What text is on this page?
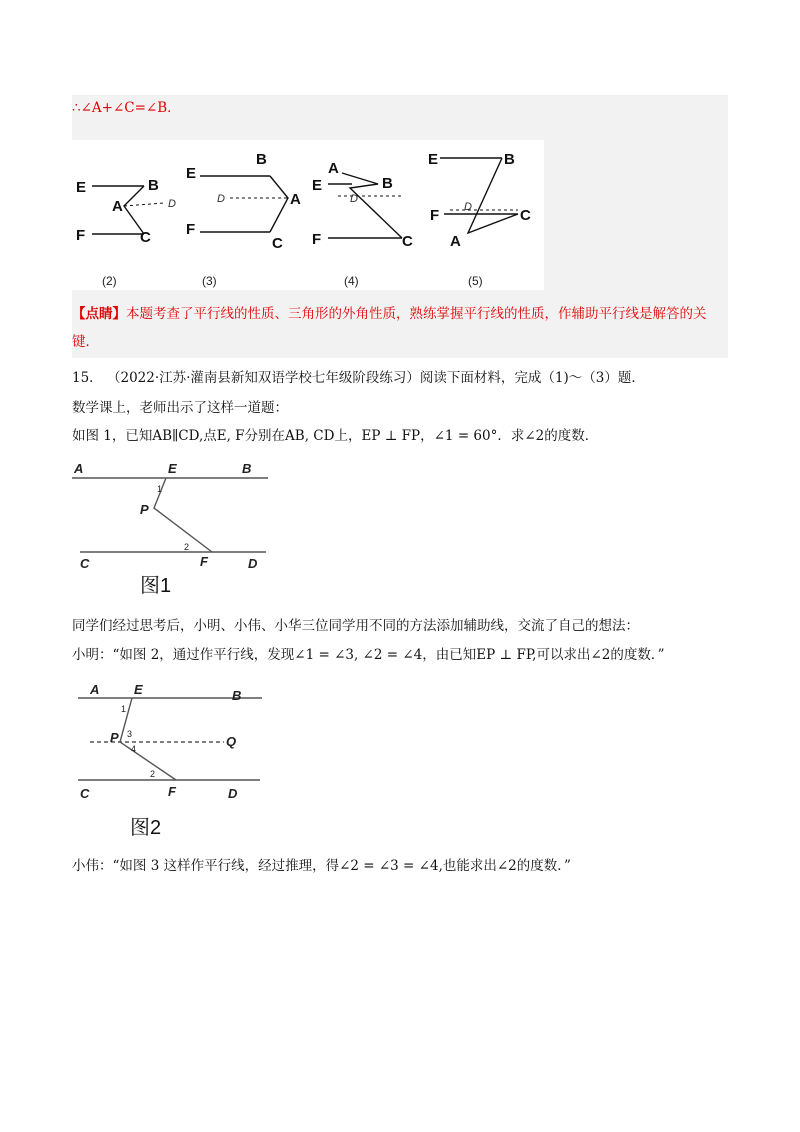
∴∠A+∠C=∠B．
E	B
A
F	C
E
B
A
F
C
A
E	B
F	C
E	B
F	C
A
D	D	D
D
(2)	(3)	(4)	(5)
【点睛】本题考查了平行线的性质、三角形的外角性质，熟练掌握平行线的性质，作辅助平行线是解答的关键．
15． （2022·江苏·灌南县新知双语学校七年级阶段练习）阅读下面材料，完成（1)～（3）题．
数学课上，老师出示了这样一道题：
如图 1，已知AB∥CD,点E, F分别在AB, CD上，EP ⊥ FP，∠1 = 60°．求∠2的度数．
A	E	B
P
C	F	D
1
2
图1
同学们经过思考后，小明、小伟、小华三位同学用不同的方法添加辅助线，交流了自己的想法：
小明：“如图 2，通过作平行线，发现∠1 = ∠3, ∠2 = ∠4，由已知EP ⊥ FP,可以求出∠2的度数．”
A	E	B
P	Q
C	F	D
1
3
4
2
图2
小伟：“如图 3 这样作平行线，经过推理，得∠2 = ∠3 = ∠4,也能求出∠2的度数．”
